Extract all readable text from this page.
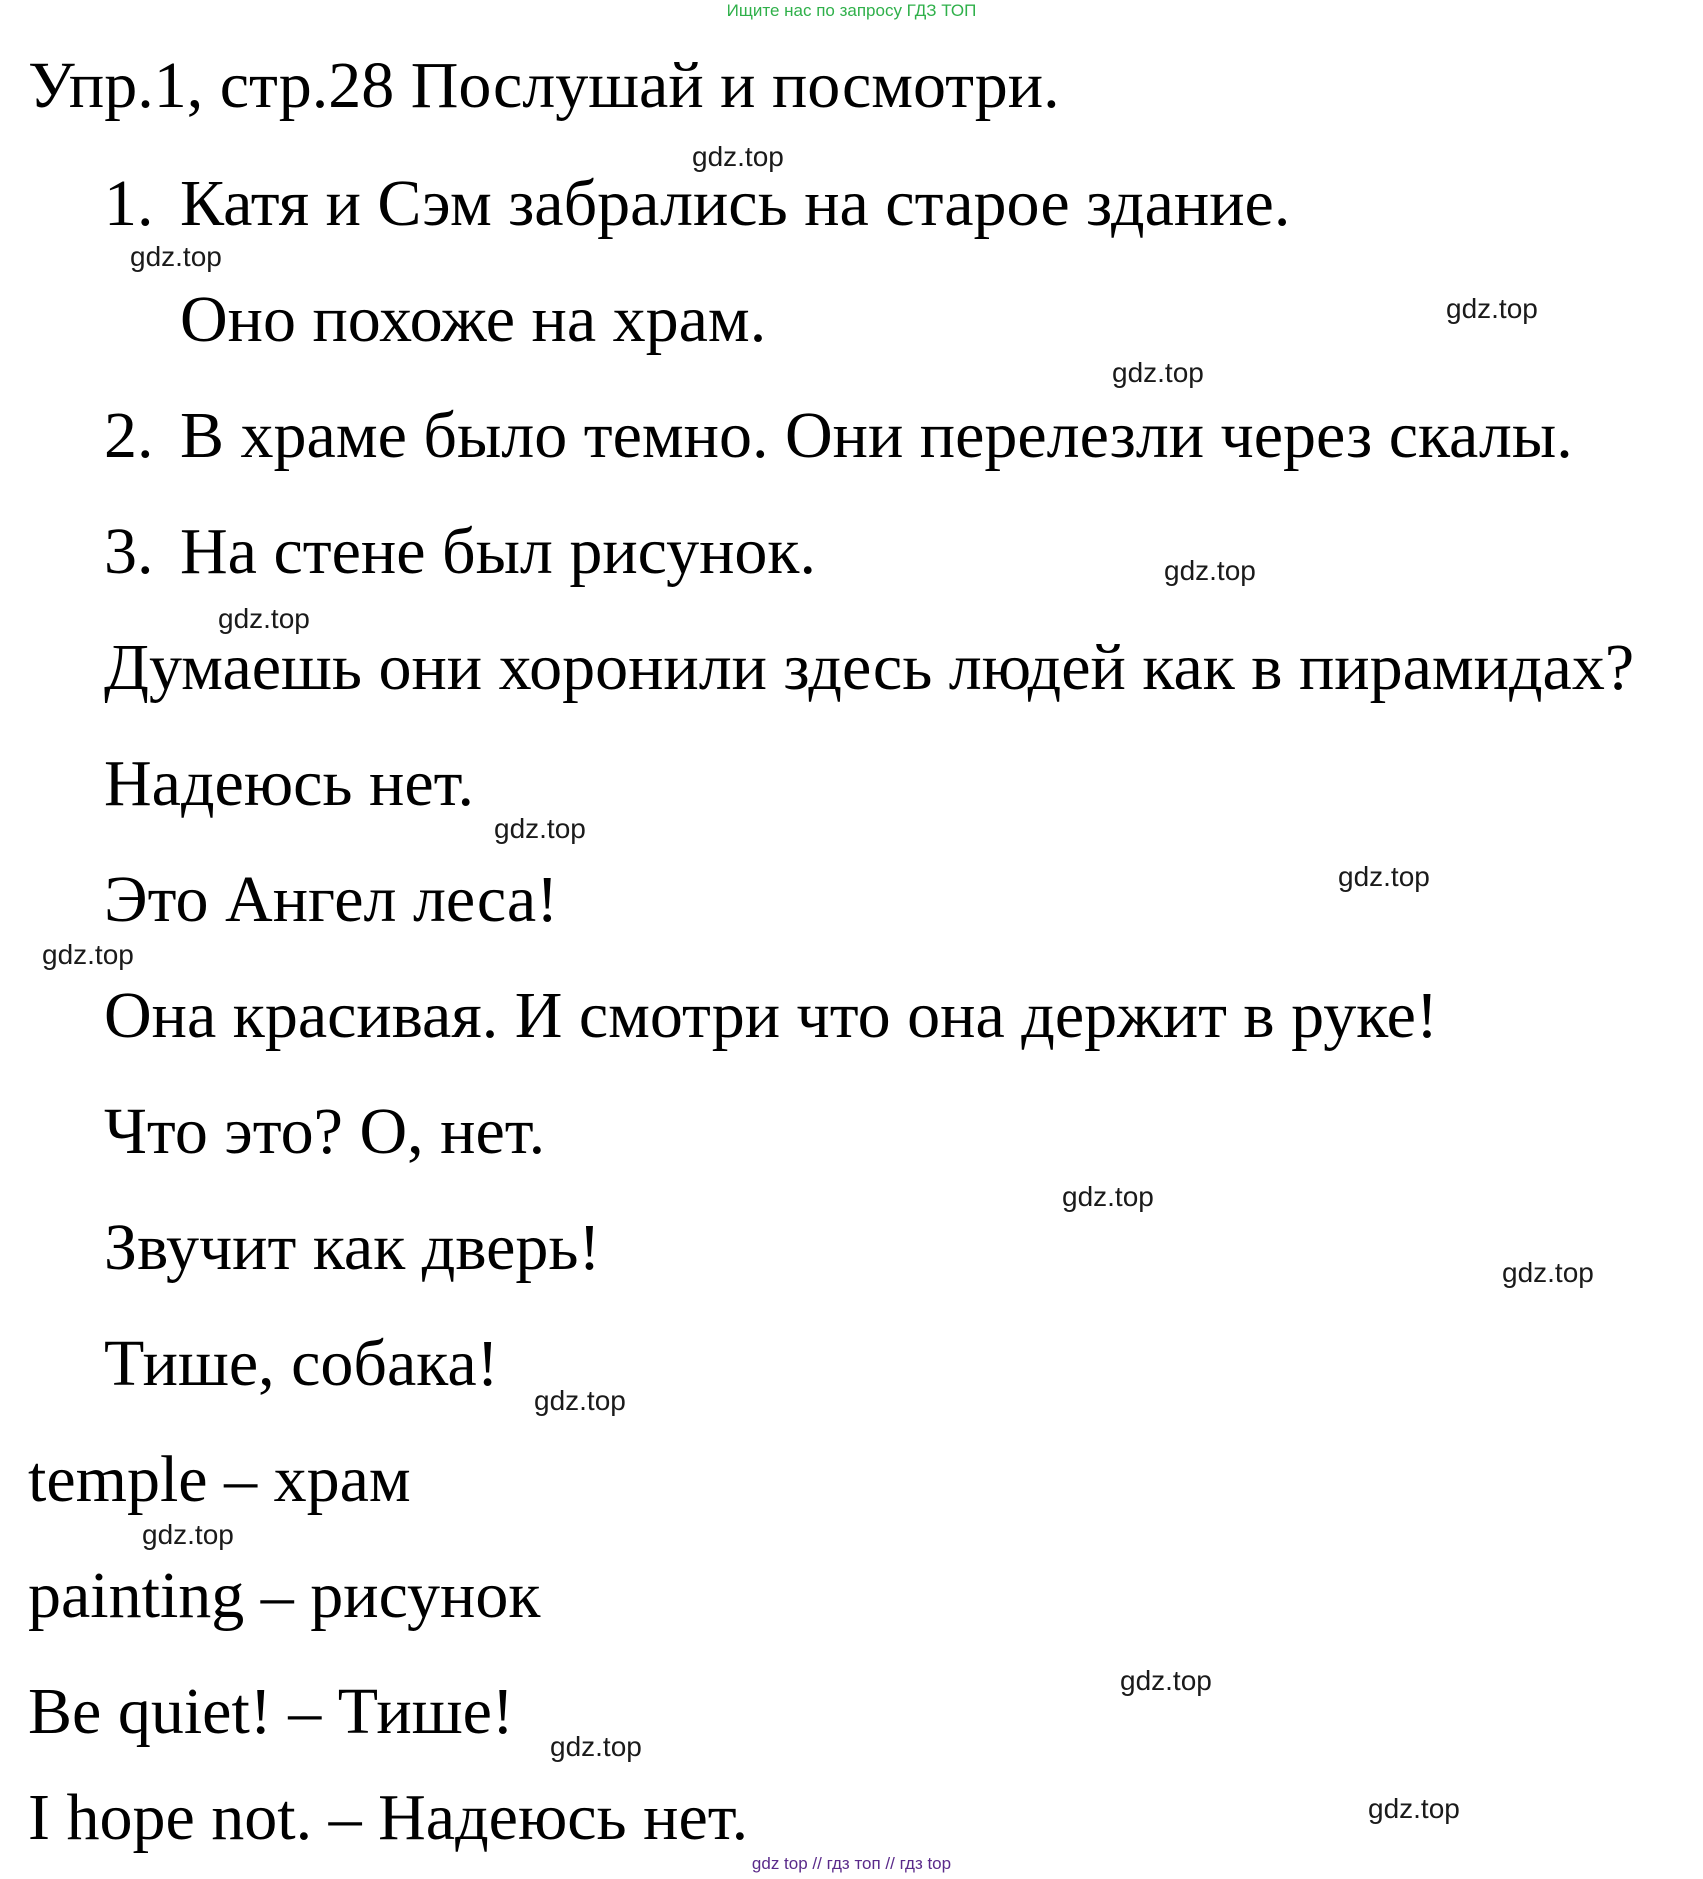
Ищите нас по запросу ГДЗ ТОП
Упр.1, стр.28 Послушай и посмотри.
1. Катя и Сэм забрались на старое здание.
Оно похоже на храм.
2. В храме было темно. Они перелезли через скалы.
3. На стене был рисунок.
Думаешь они хоронили здесь людей как в пирамидах?
Надеюсь нет.
Это Ангел леса!
Она красивая. И смотри что она держит в руке!
Что это? О, нет.
Звучит как дверь!
Тише, собака!
temple – храм
painting – рисунок
Be quiet! – Тише!
I hope not. – Надеюсь нет.
gdz.top
gdz.top
gdz.top
gdz.top
gdz.top
gdz.top
gdz.top
gdz.top
gdz.top
gdz.top
gdz.top
gdz.top
gdz.top
gdz.top
gdz.top
gdz.top
gdz top // гдз топ // гдз top
